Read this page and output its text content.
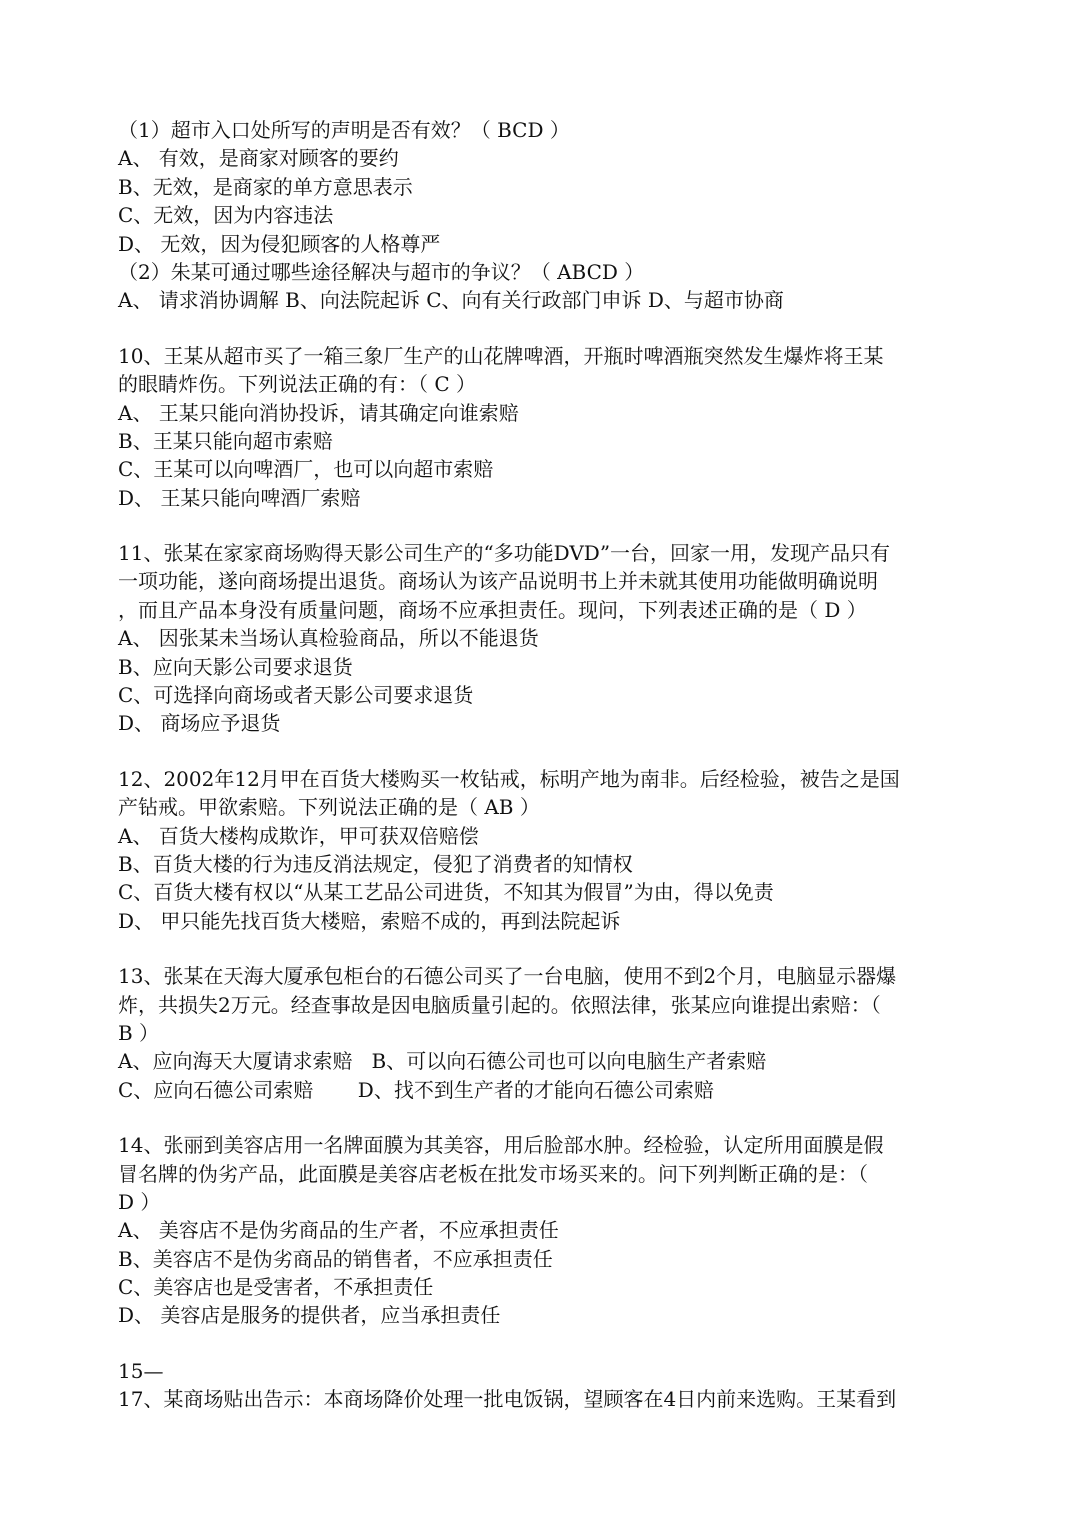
（1）超市入口处所写的声明是否有效？（ BCD ）
A、 有效，是商家对顾客的要约
B、无效，是商家的单方意思表示
C、无效，因为内容违法
D、 无效，因为侵犯顾客的人格尊严
（2）朱某可通过哪些途径解决与超市的争议？（ ABCD ）
A、 请求消协调解 B、向法院起诉 C、向有关行政部门申诉 D、与超市协商
10、王某从超市买了一箱三象厂生产的山花牌啤酒，开瓶时啤酒瓶突然发生爆炸将王某
的眼睛炸伤。下列说法正确的有：（ C ）
A、 王某只能向消协投诉，请其确定向谁索赔
B、王某只能向超市索赔
C、王某可以向啤酒厂，也可以向超市索赔
D、 王某只能向啤酒厂索赔
11、张某在家家商场购得天影公司生产的“多功能DVD”一台，回家一用，发现产品只有
一项功能，遂向商场提出退货。商场认为该产品说明书上并未就其使用功能做明确说明
，而且产品本身没有质量问题，商场不应承担责任。现问，下列表述正确的是（ D ）
A、 因张某未当场认真检验商品，所以不能退货
B、应向天影公司要求退货
C、可选择向商场或者天影公司要求退货
D、 商场应予退货
12、2002年12月甲在百货大楼购买一枚钻戒，标明产地为南非。后经检验，被告之是国
产钻戒。甲欲索赔。下列说法正确的是（ AB ）
A、 百货大楼构成欺诈，甲可获双倍赔偿
B、百货大楼的行为违反消法规定，侵犯了消费者的知情权
C、百货大楼有权以“从某工艺品公司进货，不知其为假冒”为由，得以免责
D、 甲只能先找百货大楼赔，索赔不成的，再到法院起诉
13、张某在天海大厦承包柜台的石德公司买了一台电脑，使用不到2个月，电脑显示器爆
炸，共损失2万元。经查事故是因电脑质量引起的。依照法律，张某应向谁提出索赔：（
B ）
A、应向海天大厦请求索赔   B、可以向石德公司也可以向电脑生产者索赔
C、应向石德公司索赔       D、找不到生产者的才能向石德公司索赔
14、张丽到美容店用一名牌面膜为其美容，用后脸部水肿。经检验，认定所用面膜是假
冒名牌的伪劣产品，此面膜是美容店老板在批发市场买来的。问下列判断正确的是：（
D ）
A、 美容店不是伪劣商品的生产者，不应承担责任
B、美容店不是伪劣商品的销售者，不应承担责任
C、美容店也是受害者，不承担责任
D、 美容店是服务的提供者，应当承担责任
15—
17、某商场贴出告示：本商场降价处理一批电饭锅，望顾客在4日内前来选购。王某看到
